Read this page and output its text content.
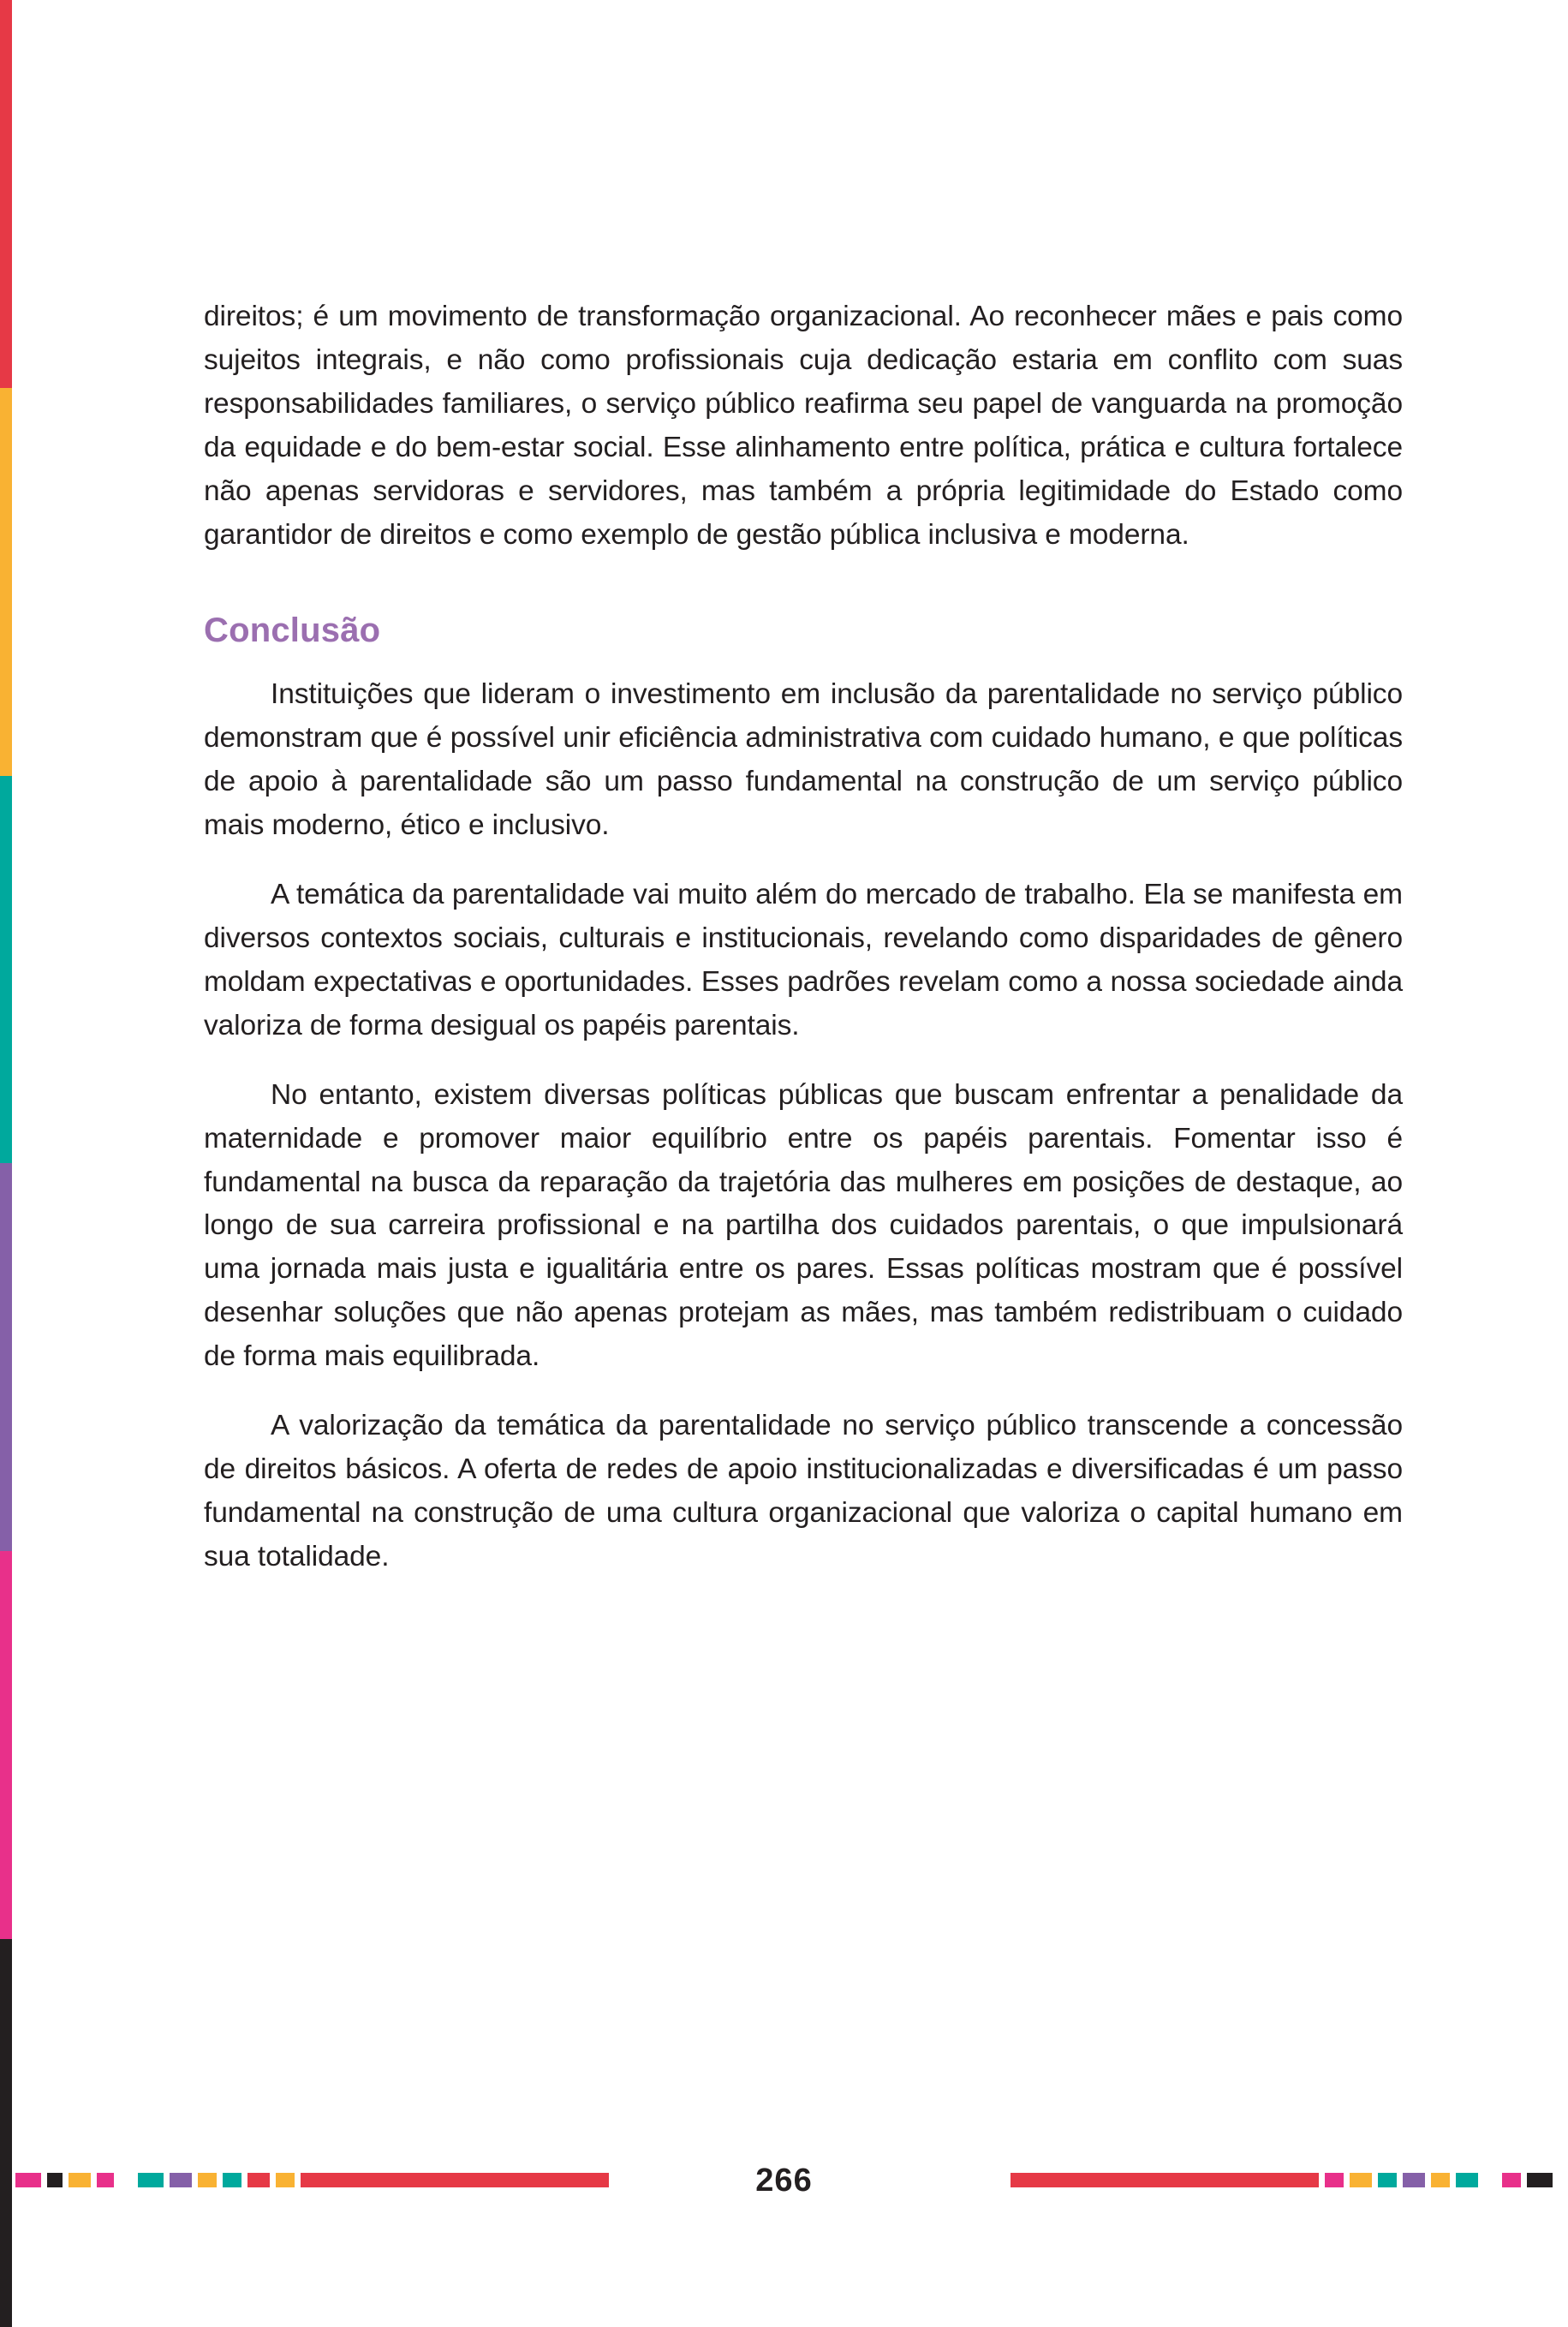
direitos; é um movimento de transformação organizacional. Ao reconhecer mães e pais como sujeitos integrais, e não como profissionais cuja dedicação estaria em conflito com suas responsabilidades familiares, o serviço público reafirma seu papel de vanguarda na promoção da equidade e do bem-estar social. Esse alinhamento entre política, prática e cultura fortalece não apenas servidoras e servidores, mas também a própria legitimidade do Estado como garantidor de direitos e como exemplo de gestão pública inclusiva e moderna.

Conclusão

Instituições que lideram o investimento em inclusão da parentalidade no serviço público demonstram que é possível unir eficiência administrativa com cuidado humano, e que políticas de apoio à parentalidade são um passo fundamental na construção de um serviço público mais moderno, ético e inclusivo.

A temática da parentalidade vai muito além do mercado de trabalho. Ela se manifesta em diversos contextos sociais, culturais e institucionais, revelando como disparidades de gênero moldam expectativas e oportunidades. Esses padrões revelam como a nossa sociedade ainda valoriza de forma desigual os papéis parentais.

No entanto, existem diversas políticas públicas que buscam enfrentar a penalidade da maternidade e promover maior equilíbrio entre os papéis parentais. Fomentar isso é fundamental na busca da reparação da trajetória das mulheres em posições de destaque, ao longo de sua carreira profissional e na partilha dos cuidados parentais, o que impulsionará uma jornada mais justa e igualitária entre os pares. Essas políticas mostram que é possível desenhar soluções que não apenas protejam as mães, mas também redistribuam o cuidado de forma mais equilibrada.

A valorização da temática da parentalidade no serviço público transcende a concessão de direitos básicos. A oferta de redes de apoio institucionalizadas e diversificadas é um passo fundamental na construção de uma cultura organizacional que valoriza o capital humano em sua totalidade.

266
